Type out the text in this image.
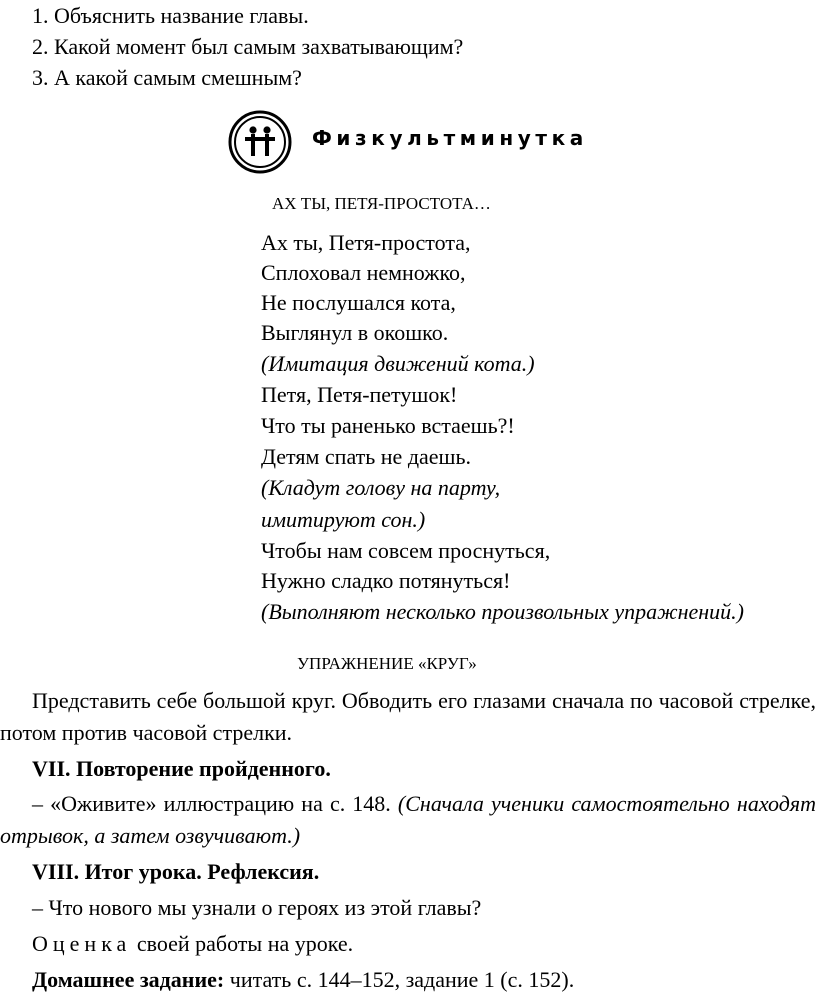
1. Объяснить название главы.
2. Какой момент был самым захватывающим?
3. А какой самым смешным?
Физкультминутка
АХ ТЫ, ПЕТЯ-ПРОСТОТА…
Ах ты, Петя-простота,
Сплоховал немножко,
Не послушался кота,
Выглянул в окошко.
(Имитация движений кота.)
Петя, Петя-петушок!
Что ты раненько встаешь?!
Детям спать не даешь.
(Кладут голову на парту,
имитируют сон.)
Чтобы нам совсем проснуться,
Нужно сладко потянуться!
(Выполняют несколько произвольных упражнений.)
УПРАЖНЕНИЕ «КРУГ»
Представить себе большой круг. Обводить его глазами сначала по часовой стрелке, потом против часовой стрелки.
VII. Повторение пройденного.
– «Оживите» иллюстрацию на с. 148. (Сначала ученики самостоятельно находят отрывок, а затем озвучивают.)
VIII. Итог урока. Рефлексия.
– Что нового мы узнали о героях из этой главы?
Оценка своей работы на уроке.
Домашнее задание: читать с. 144–152, задание 1 (с. 152).
